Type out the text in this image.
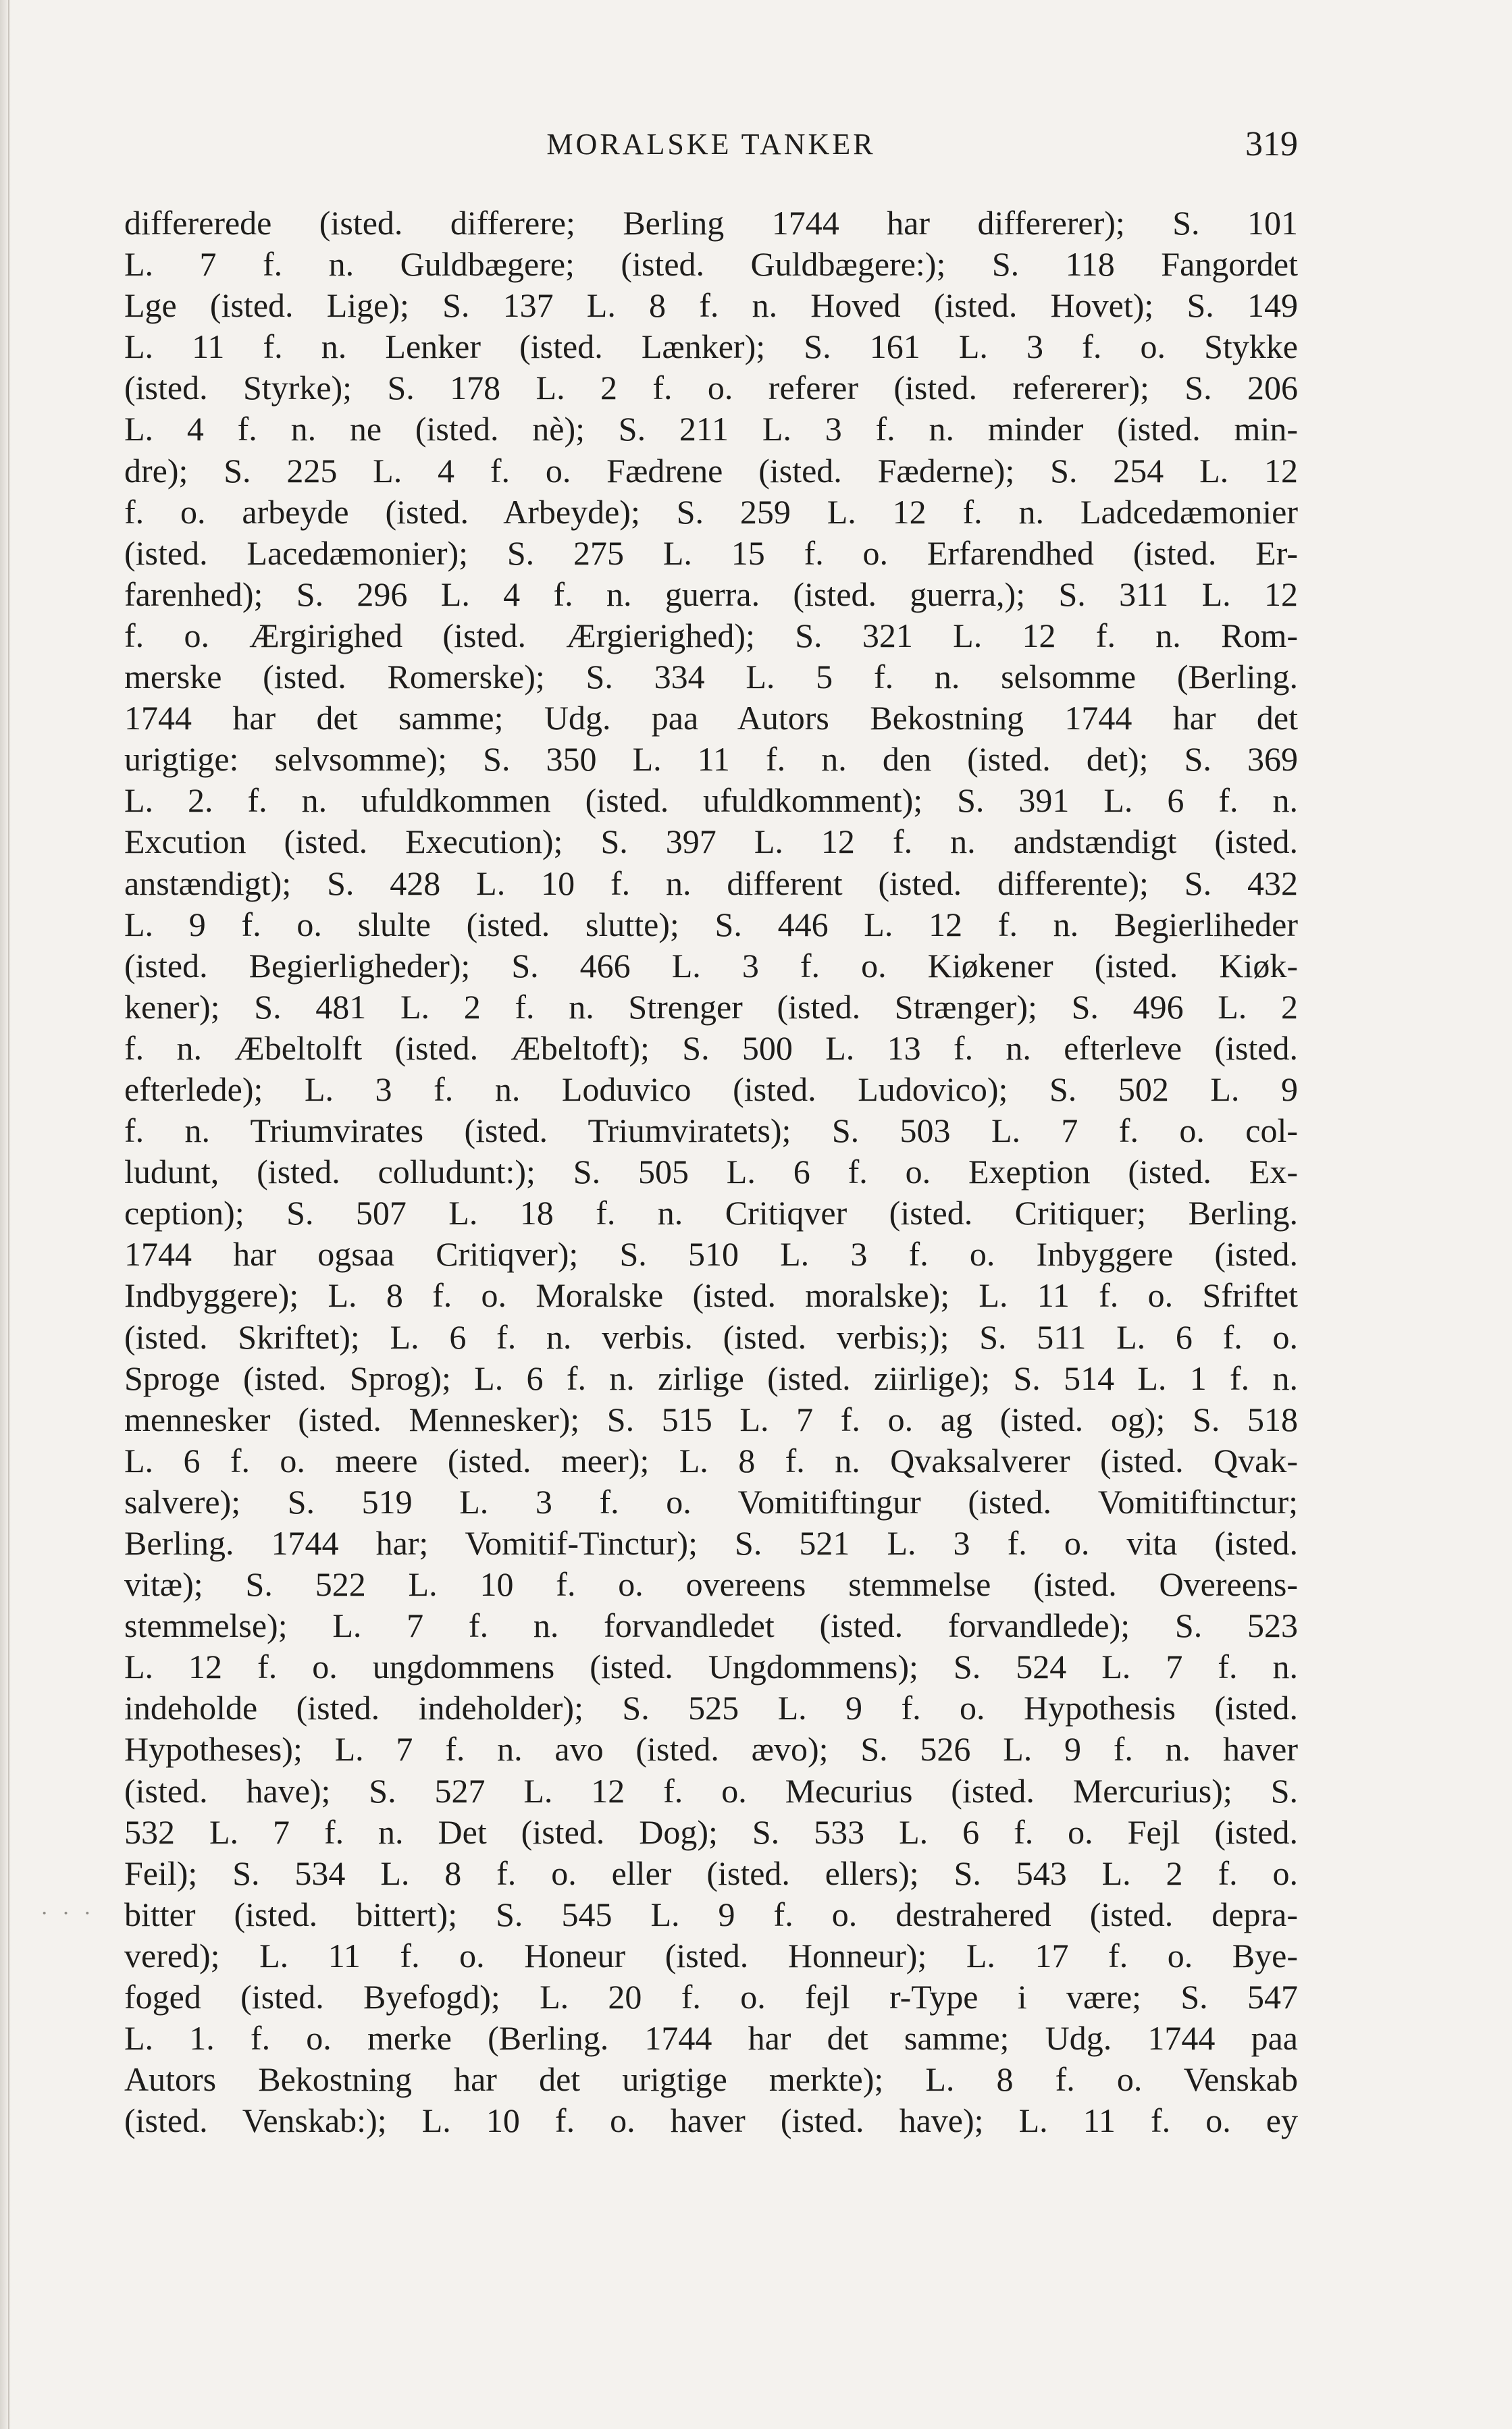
MORALSKE TANKER	319
· · ·
differerede (isted. differere; Berling 1744 har differerer); S. 101
L. 7 f. n. Guldbægere; (isted. Guldbægere:); S. 118 Fangordet
Lge (isted. Lige); S. 137 L. 8 f. n. Hoved (isted. Hovet); S. 149
L. 11 f. n. Lenker (isted. Lænker); S. 161 L. 3 f. o. Stykke
(isted. Styrke); S. 178 L. 2 f. o. referer (isted. refererer); S. 206
L. 4 f. n. ne (isted. nè); S. 211 L. 3 f. n. minder (isted. min-
dre); S. 225 L. 4 f. o. Fædrene (isted. Fæderne); S. 254 L. 12
f. o. arbeyde (isted. Arbeyde); S. 259 L. 12 f. n. Ladcedæmonier
(isted. Lacedæmonier); S. 275 L. 15 f. o. Erfarendhed (isted. Er-
farenhed); S. 296 L. 4 f. n. guerra. (isted. guerra,); S. 311 L. 12
f. o. Ærgirighed (isted. Ærgierighed); S. 321 L. 12 f. n. Rom-
merske (isted. Romerske); S. 334 L. 5 f. n. selsomme (Berling.
1744 har det samme; Udg. paa Autors Bekostning 1744 har det
urigtige: selvsomme); S. 350 L. 11 f. n. den (isted. det); S. 369
L. 2. f. n. ufuldkommen (isted. ufuldkomment); S. 391 L. 6 f. n.
Excution (isted. Execution); S. 397 L. 12 f. n. andstændigt (isted.
anstændigt); S. 428 L. 10 f. n. different (isted. differente); S. 432
L. 9 f. o. slulte (isted. slutte); S. 446 L. 12 f. n. Begierliheder
(isted. Begierligheder); S. 466 L. 3 f. o. Kiøkener (isted. Kiøk-
kener); S. 481 L. 2 f. n. Strenger (isted. Strænger); S. 496 L. 2
f. n. Æbeltolft (isted. Æbeltoft); S. 500 L. 13 f. n. efterleve (isted.
efterlede); L. 3 f. n. Loduvico (isted. Ludovico); S. 502 L. 9
f. n. Triumvirates (isted. Triumviratets); S. 503 L. 7 f. o. col-
ludunt, (isted. colludunt:); S. 505 L. 6 f. o. Exeption (isted. Ex-
ception); S. 507 L. 18 f. n. Critiqver (isted. Critiquer; Berling.
1744 har ogsaa Critiqver); S. 510 L. 3 f. o. Inbyggere (isted.
Indbyggere); L. 8 f. o. Moralske (isted. moralske); L. 11 f. o. Sfriftet
(isted. Skriftet); L. 6 f. n. verbis. (isted. verbis;); S. 511 L. 6 f. o.
Sproge (isted. Sprog); L. 6 f. n. zirlige (isted. ziirlige); S. 514 L. 1 f. n.
mennesker (isted. Mennesker); S. 515 L. 7 f. o. ag (isted. og); S. 518
L. 6 f. o. meere (isted. meer); L. 8 f. n. Qvaksalverer (isted. Qvak-
salvere); S. 519 L. 3 f. o. Vomitiftingur (isted. Vomitiftinctur;
Berling. 1744 har; Vomitif-Tinctur); S. 521 L. 3 f. o. vita (isted.
vitæ); S. 522 L. 10 f. o. overeens stemmelse (isted. Overeens-
stemmelse); L. 7 f. n. forvandledet (isted. forvandlede); S. 523
L. 12 f. o. ungdommens (isted. Ungdommens); S. 524 L. 7 f. n.
indeholde (isted. indeholder); S. 525 L. 9 f. o. Hypothesis (isted.
Hypotheses); L. 7 f. n. avo (isted. ævo); S. 526 L. 9 f. n. haver
(isted. have); S. 527 L. 12 f. o. Mecurius (isted. Mercurius); S.
532 L. 7 f. n. Det (isted. Dog); S. 533 L. 6 f. o. Fejl (isted.
Feil); S. 534 L. 8 f. o. eller (isted. ellers); S. 543 L. 2 f. o.
bitter (isted. bittert); S. 545 L. 9 f. o. destrahered (isted. depra-
vered); L. 11 f. o. Honeur (isted. Honneur); L. 17 f. o. Bye-
foged (isted. Byefogd); L. 20 f. o. fejl r-Type i være; S. 547
L. 1. f. o. merke (Berling. 1744 har det samme; Udg. 1744 paa
Autors Bekostning har det urigtige merkte); L. 8 f. o. Venskab
(isted. Venskab:); L. 10 f. o. haver (isted. have); L. 11 f. o. ey
